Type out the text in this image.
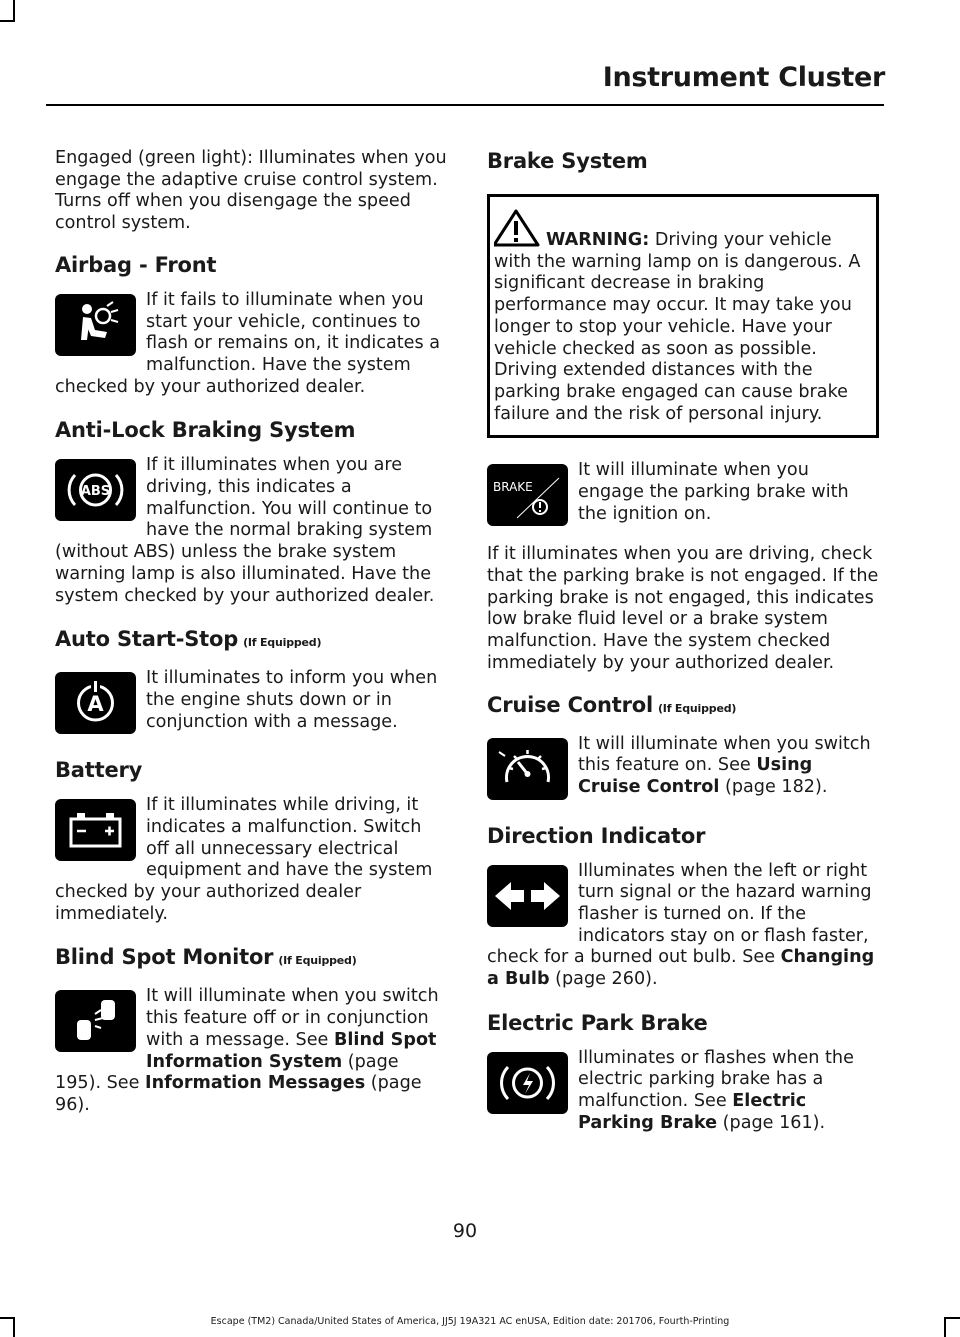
Instrument Cluster

Engaged (green light): Illuminates when you engage the adaptive cruise control system. Turns off when you disengage the speed control system.

Airbag - Front

If it fails to illuminate when you start your vehicle, continues to flash or remains on, it indicates a malfunction. Have the system checked by your authorized dealer.

Anti-Lock Braking System
ABS

If it illuminates when you are driving, this indicates a malfunction. You will continue to have the normal braking system (without ABS) unless the brake system warning lamp is also illuminated. Have the system checked by your authorized dealer.

Auto Start-Stop (If Equipped)
A

It illuminates to inform you when the engine shuts down or in conjunction with a message.

Battery

If it illuminates while driving, it indicates a malfunction. Switch off all unnecessary electrical equipment and have the system checked by your authorized dealer immediately.

Blind Spot Monitor (If Equipped)

It will illuminate when you switch this feature off or in conjunction with a message. See Blind Spot Information System (page 195). See Information Messages (page 96).

Brake System

WARNING: Driving your vehicle with the warning lamp on is dangerous. A significant decrease in braking performance may occur. It may take you longer to stop your vehicle. Have your vehicle checked as soon as possible. Driving extended distances with the parking brake engaged can cause brake failure and the risk of personal injury.

BRAKE

It will illuminate when you engage the parking brake with the ignition on.

If it illuminates when you are driving, check that the parking brake is not engaged. If the parking brake is not engaged, this indicates low brake fluid level or a brake system malfunction. Have the system checked immediately by your authorized dealer.

Cruise Control (If Equipped)

It will illuminate when you switch this feature on. See Using Cruise Control (page 182).

Direction Indicator

Illuminates when the left or right turn signal or the hazard warning flasher is turned on. If the indicators stay on or flash faster, check for a burned out bulb. See Changing a Bulb (page 260).

Electric Park Brake

Illuminates or flashes when the electric parking brake has a malfunction. See Electric Parking Brake (page 161).

90
Escape (TM2) Canada/United States of America, JJ5J 19A321 AC enUSA, Edition date: 201706, Fourth-Printing
